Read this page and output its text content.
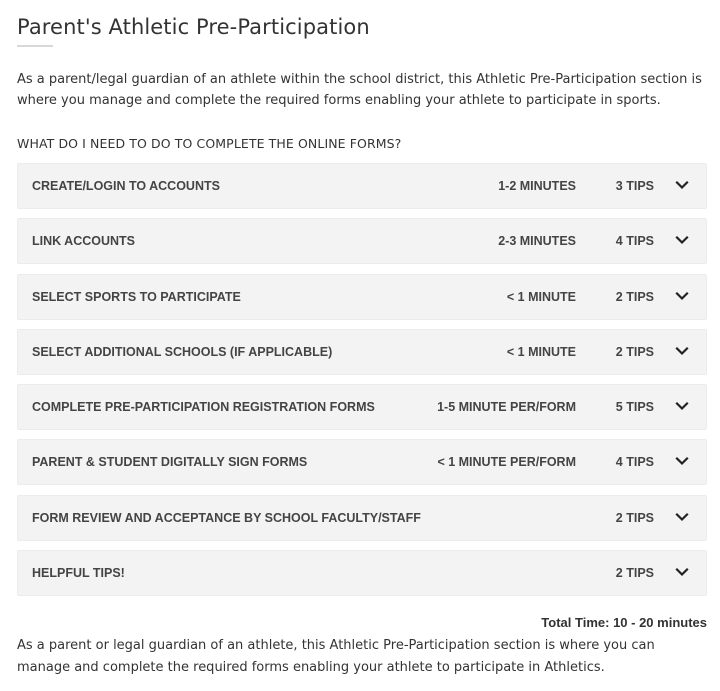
Parent's Athletic Pre-Participation

As a parent/legal guardian of an athlete within the school district, this Athletic Pre-Participation section is where you manage and complete the required forms enabling your athlete to participate in sports.

WHAT DO I NEED TO DO TO COMPLETE THE ONLINE FORMS?
CREATE/LOGIN TO ACCOUNTS	1-2 MINUTES	3 TIPS
LINK ACCOUNTS	2-3 MINUTES	4 TIPS
SELECT SPORTS TO PARTICIPATE	< 1 MINUTE	2 TIPS
SELECT ADDITIONAL SCHOOLS (IF APPLICABLE)	< 1 MINUTE	2 TIPS
COMPLETE PRE-PARTICIPATION REGISTRATION FORMS	1-5 MINUTE PER/FORM	5 TIPS
PARENT & STUDENT DIGITALLY SIGN FORMS	< 1 MINUTE PER/FORM	4 TIPS
FORM REVIEW AND ACCEPTANCE BY SCHOOL FACULTY/STAFF	2 TIPS
HELPFUL TIPS!	2 TIPS
Total Time: 10 - 20 minutes

As a parent or legal guardian of an athlete, this Athletic Pre-Participation section is where you can manage and complete the required forms enabling your athlete to participate in Athletics.
